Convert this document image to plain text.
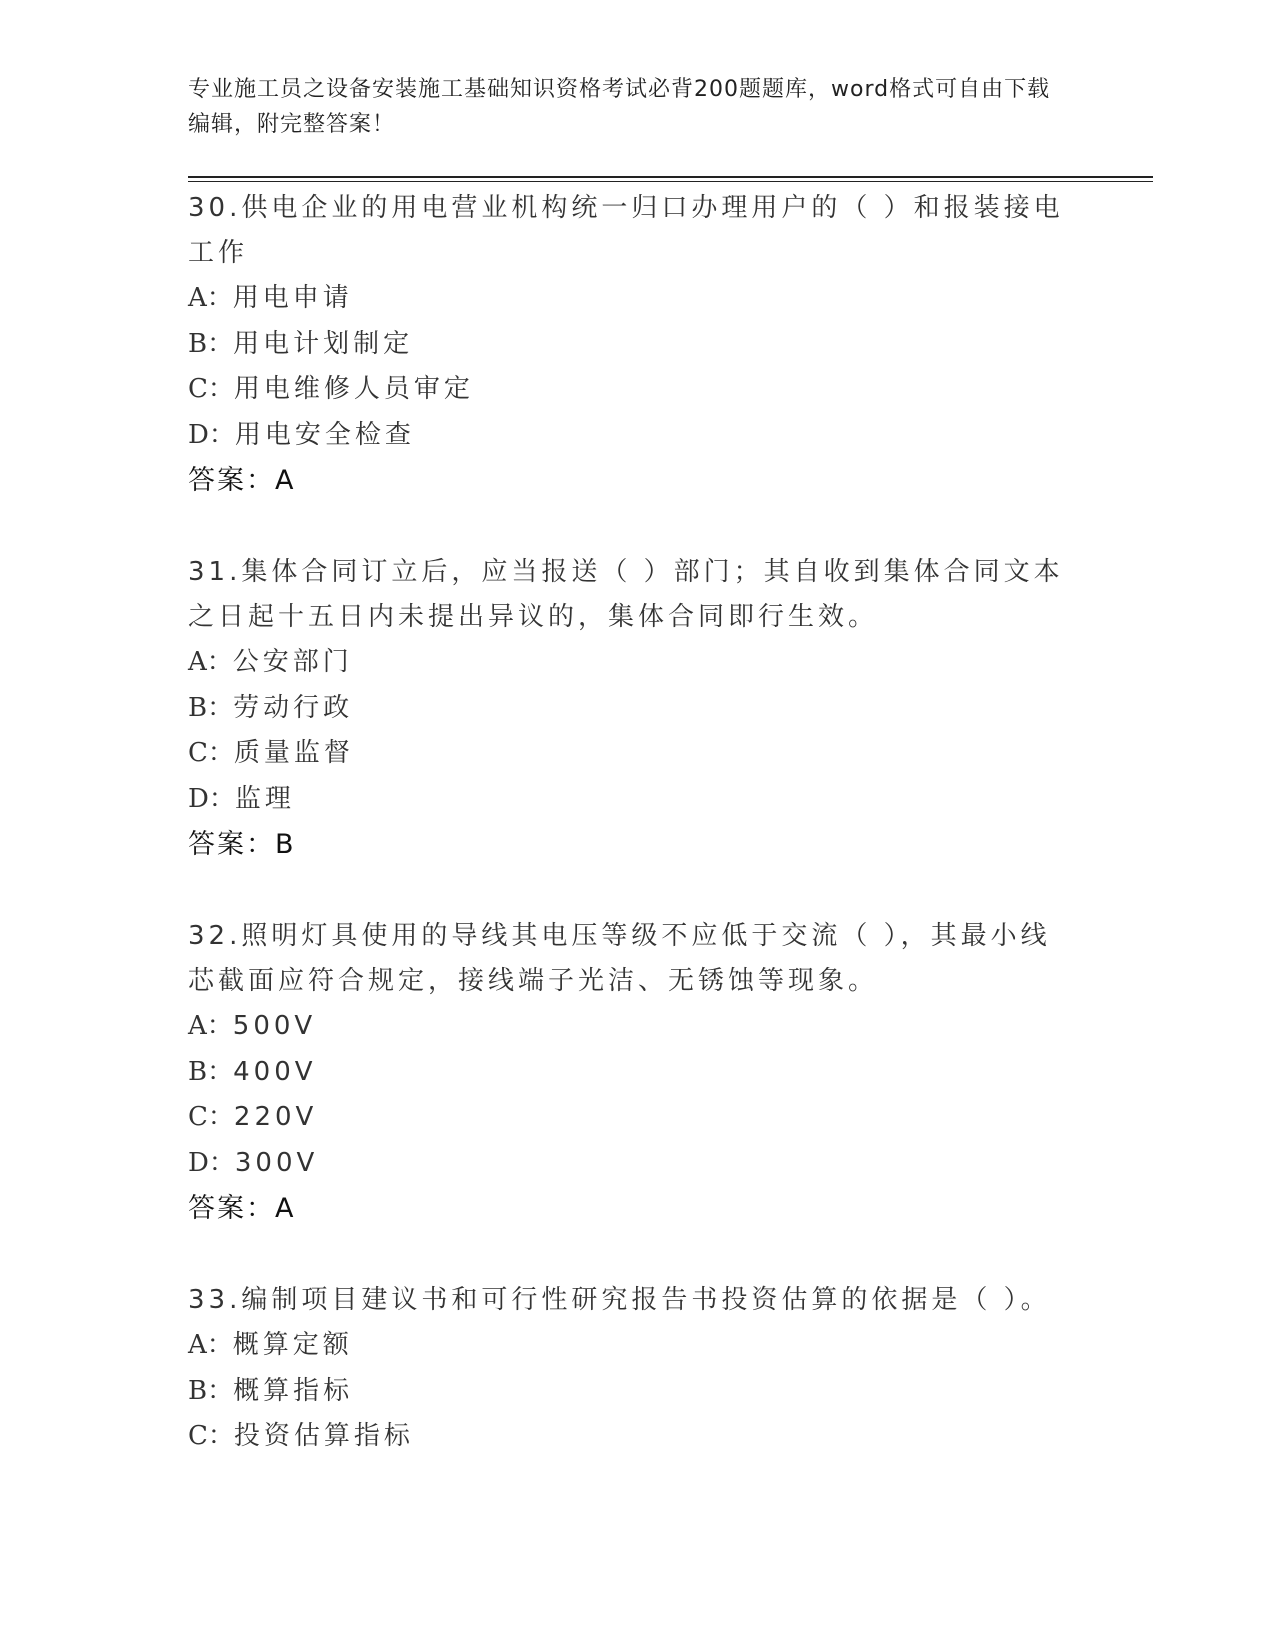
专业施工员之设备安装施工基础知识资格考试必背200题题库，word格式可自由下载编辑，附完整答案！
30.供电企业的用电营业机构统一归口办理用户的（ ）和报装接电工作
A：用电申请
B：用电计划制定
C：用电维修人员审定
D：用电安全检查
答案：A
31.集体合同订立后，应当报送（ ）部门；其自收到集体合同文本之日起十五日内未提出异议的，集体合同即行生效。
A：公安部门
B：劳动行政
C：质量监督
D：监理
答案：B
32.照明灯具使用的导线其电压等级不应低于交流（ ），其最小线芯截面应符合规定，接线端子光洁、无锈蚀等现象。
A：500V
B：400V
C：220V
D：300V
答案：A
33.编制项目建议书和可行性研究报告书投资估算的依据是（ ）。
A：概算定额
B：概算指标
C：投资估算指标
